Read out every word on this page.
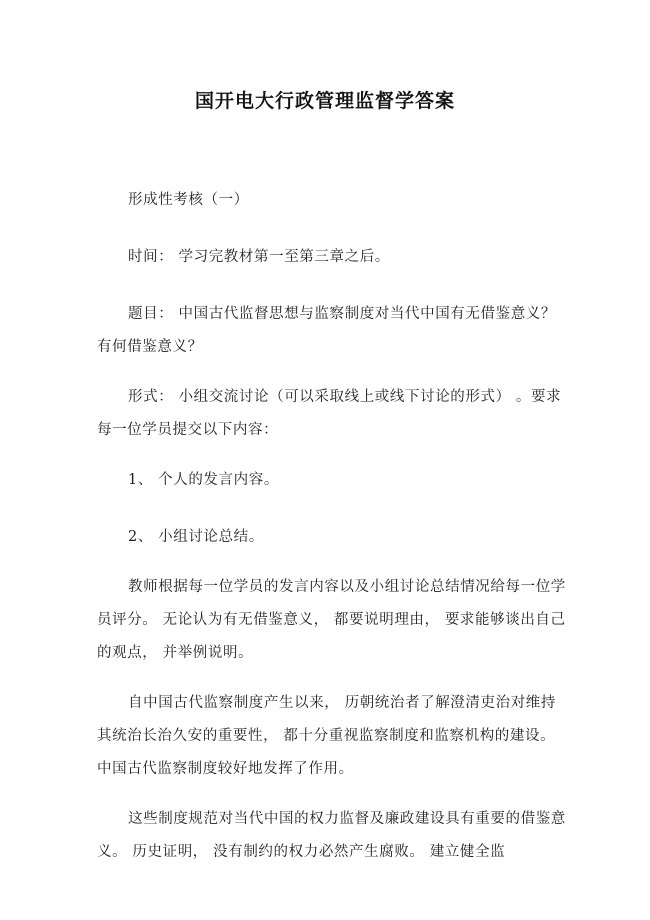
国开电大行政管理监督学答案

形成性考核（一）

时间： 学习完教材第一至第三章之后。

题目： 中国古代监督思想与监察制度对当代中国有无借鉴意义？有何借鉴意义？

形式： 小组交流讨论（可以采取线上或线下讨论的形式） 。要求每一位学员提交以下内容：

1、 个人的发言内容。

2、 小组讨论总结。

教师根据每一位学员的发言内容以及小组讨论总结情况给每一位学员评分。 无论认为有无借鉴意义， 都要说明理由， 要求能够谈出自己的观点， 并举例说明。

自中国古代监察制度产生以来， 历朝统治者了解澄清吏治对维持其统治长治久安的重要性， 都十分重视监察制度和监察机构的建设。 中国古代监察制度较好地发挥了作用。

这些制度规范对当代中国的权力监督及廉政建设具有重要的借鉴意义。 历史证明， 没有制约的权力必然产生腐败。 建立健全监
